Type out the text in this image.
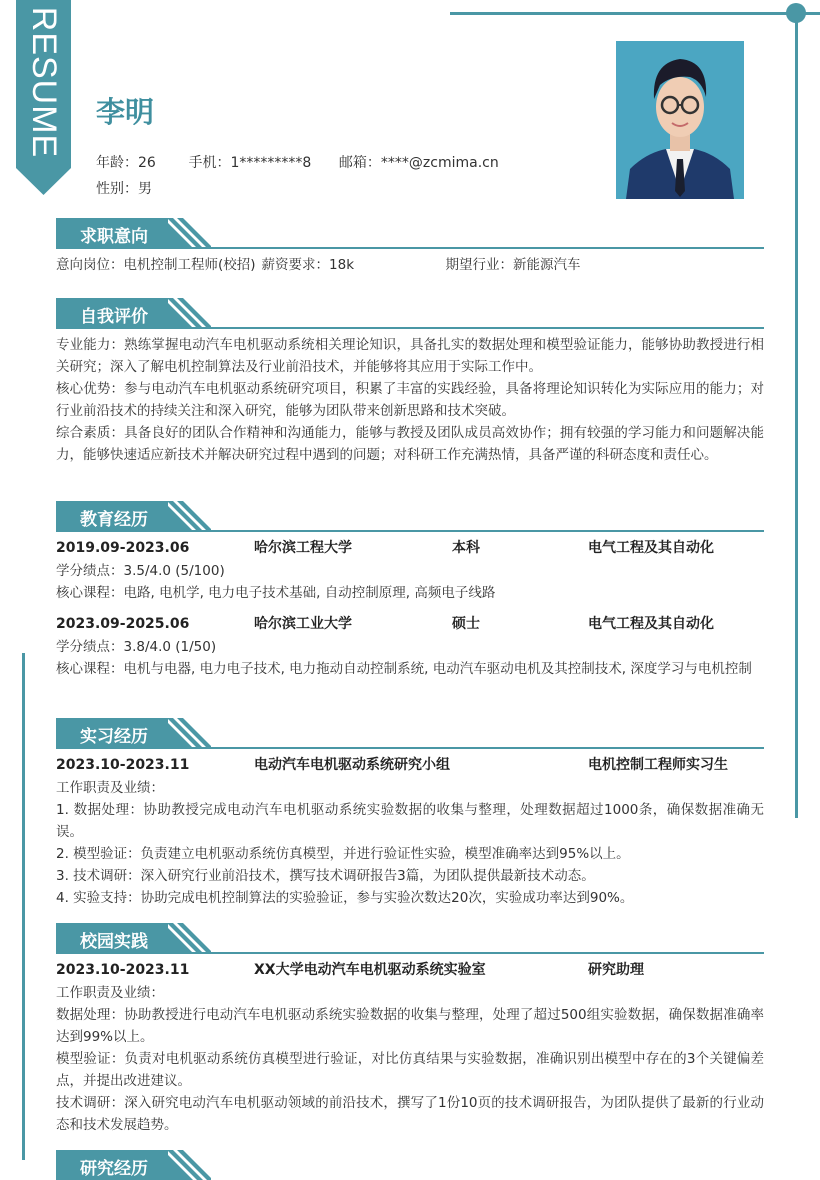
RESUME 李明
年龄：26 手机：1*********8 邮箱：****@zcmima.cn
性别：男
求职意向
意向岗位：电机控制工程师(校招) 薪资要求：18k	期望行业：新能源汽车
自我评价
专业能力：熟练掌握电动汽车电机驱动系统相关理论知识，具备扎实的数据处理和模型验证能力，能够协助教授进行相关研究；深入了解电机控制算法及行业前沿技术，并能够将其应用于实际工作中。
核心优势：参与电动汽车电机驱动系统研究项目，积累了丰富的实践经验，具备将理论知识转化为实际应用的能力；对行业前沿技术的持续关注和深入研究，能够为团队带来创新思路和技术突破。
综合素质：具备良好的团队合作精神和沟通能力，能够与教授及团队成员高效协作；拥有较强的学习能力和问题解决能力，能够快速适应新技术并解决研究过程中遇到的问题；对科研工作充满热情，具备严谨的科研态度和责任心。
教育经历
2019.09-2023.06	哈尔滨工程大学	本科	电气工程及其自动化
学分绩点：3.5/4.0 (5/100)
核心课程：电路, 电机学, 电力电子技术基础, 自动控制原理, 高频电子线路
2023.09-2025.06	哈尔滨工业大学	硕士	电气工程及其自动化
学分绩点：3.8/4.0 (1/50)
核心课程：电机与电器, 电力电子技术, 电力拖动自动控制系统, 电动汽车驱动电机及其控制技术, 深度学习与电机控制
实习经历
2023.10-2023.11	电动汽车电机驱动系统研究小组	电机控制工程师实习生
工作职责及业绩：
1. 数据处理：协助教授完成电动汽车电机驱动系统实验数据的收集与整理，处理数据超过1000条，确保数据准确无误。
2. 模型验证：负责建立电机驱动系统仿真模型，并进行验证性实验，模型准确率达到95%以上。
3. 技术调研：深入研究行业前沿技术，撰写技术调研报告3篇，为团队提供最新技术动态。
4. 实验支持：协助完成电机控制算法的实验验证，参与实验次数达20次，实验成功率达到90%。
校园实践
2023.10-2023.11	XX大学电动汽车电机驱动系统实验室	研究助理
工作职责及业绩：
数据处理：协助教授进行电动汽车电机驱动系统实验数据的收集与整理，处理了超过500组实验数据，确保数据准确率达到99%以上。
模型验证：负责对电机驱动系统仿真模型进行验证，对比仿真结果与实验数据，准确识别出模型中存在的3个关键偏差点，并提出改进建议。
技术调研：深入研究电动汽车电机驱动领域的前沿技术，撰写了1份10页的技术调研报告，为团队提供了最新的行业动态和技术发展趋势。
研究经历
